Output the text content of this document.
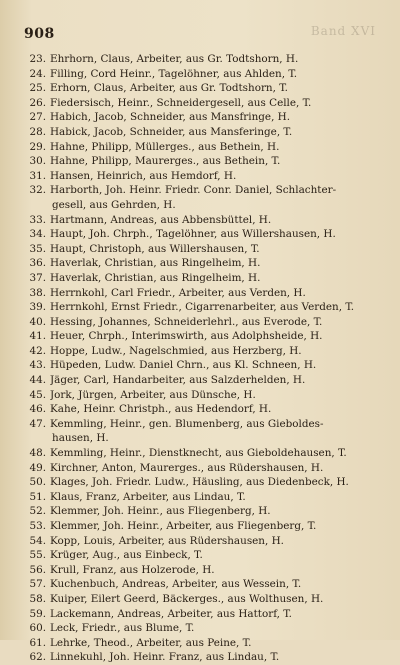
908	Band XVI
23. Ehrhorn, Claus, Arbeiter, aus Gr. Todtshorn, H.
24. Filling, Cord Heinr., Tagelöhner, aus Ahlden, T.
25. Erhorn, Claus, Arbeiter, aus Gr. Todtshorn, T.
26. Fiedersisch, Heinr., Schneidergesell, aus Celle, T.
27. Habich, Jacob, Schneider, aus Mansfringe, H.
28. Habick, Jacob, Schneider, aus Mansferinge, T.
29. Hahne, Philipp, Müllerges., aus Bethein, H.
30. Hahne, Philipp, Maurerges., aus Bethein, T.
31. Hansen, Heinrich, aus Hemdorf, H.
32. Harborth, Joh. Heinr. Friedr. Conr. Daniel, Schlachter-
gesell, aus Gehrden, H.
33. Hartmann, Andreas, aus Abbensbüttel, H.
34. Haupt, Joh. Chrph., Tagelöhner, aus Willershausen, H.
35. Haupt, Christoph, aus Willershausen, T.
36. Haverlak, Christian, aus Ringelheim, H.
37. Haverlak, Christian, aus Ringelheim, H.
38. Herrnkohl, Carl Friedr., Arbeiter, aus Verden, H.
39. Herrnkohl, Ernst Friedr., Cigarrenarbeiter, aus Verden, T.
40. Hessing, Johannes, Schneiderlehrl., aus Everode, T.
41. Heuer, Chrph., Interimswirth, aus Adolphsheide, H.
42. Hoppe, Ludw., Nagelschmied, aus Herzberg, H.
43. Hüpeden, Ludw. Daniel Chrn., aus Kl. Schneen, H.
44. Jäger, Carl, Handarbeiter, aus Salzderhelden, H.
45. Jork, Jürgen, Arbeiter, aus Dünsche, H.
46. Kahe, Heinr. Christph., aus Hedendorf, H.
47. Kemmling, Heinr., gen. Blumenberg, aus Gieboldes-
hausen, H.
48. Kemmling, Heinr., Dienstknecht, aus Gieboldehausen, T.
49. Kirchner, Anton, Maurerges., aus Rüdershausen, H.
50. Klages, Joh. Friedr. Ludw., Häusling, aus Diedenbeck, H.
51. Klaus, Franz, Arbeiter, aus Lindau, T.
52. Klemmer, Joh. Heinr., aus Fliegenberg, H.
53. Klemmer, Joh. Heinr., Arbeiter, aus Fliegenberg, T.
54. Kopp, Louis, Arbeiter, aus Rüdershausen, H.
55. Krüger, Aug., aus Einbeck, T.
56. Krull, Franz, aus Holzerode, H.
57. Kuchenbuch, Andreas, Arbeiter, aus Wessein, T.
58. Kuiper, Eilert Geerd, Bäckerges., aus Wolthusen, H.
59. Lackemann, Andreas, Arbeiter, aus Hattorf, T.
60. Leck, Friedr., aus Blume, T.
61. Lehrke, Theod., Arbeiter, aus Peine, T.
62. Linnekuhl, Joh. Heinr. Franz, aus Lindau, T.
